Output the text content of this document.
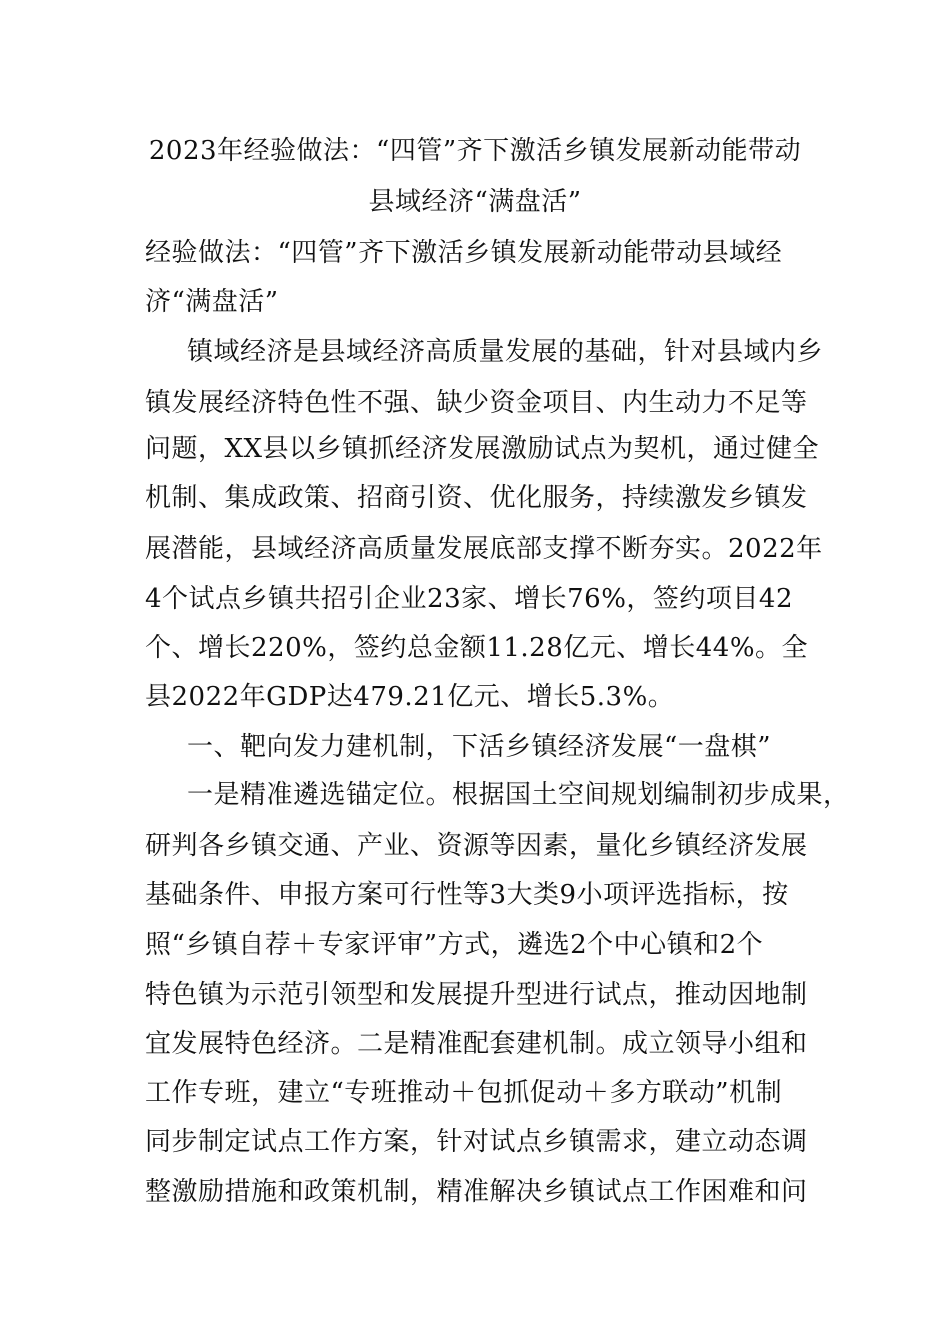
2023年经验做法：“四管”齐下激活乡镇发展新动能带动
县域经济“满盘活”
经验做法：“四管”齐下激活乡镇发展新动能带动县域经
济“满盘活”
镇域经济是县域经济高质量发展的基础，针对县域内乡
镇发展经济特色性不强、缺少资金项目、内生动力不足等
问题，XX县以乡镇抓经济发展激励试点为契机，通过健全
机制、集成政策、招商引资、优化服务，持续激发乡镇发
展潜能，县域经济高质量发展底部支撑不断夯实。2022年
4个试点乡镇共招引企业23家、增长76%，签约项目42
个、增长220%，签约总金额11.28亿元、增长44%。全
县2022年GDP达479.21亿元、增长5.3%。
一、靶向发力建机制，下活乡镇经济发展“一盘棋”
一是精准遴选锚定位。根据国土空间规划编制初步成果，
研判各乡镇交通、产业、资源等因素，量化乡镇经济发展
基础条件、申报方案可行性等3大类9小项评选指标，按
照“乡镇自荐＋专家评审”方式，遴选2个中心镇和2个
特色镇为示范引领型和发展提升型进行试点，推动因地制
宜发展特色经济。二是精准配套建机制。成立领导小组和
工作专班，建立“专班推动＋包抓促动＋多方联动”机制
同步制定试点工作方案，针对试点乡镇需求，建立动态调
整激励措施和政策机制，精准解决乡镇试点工作困难和问
